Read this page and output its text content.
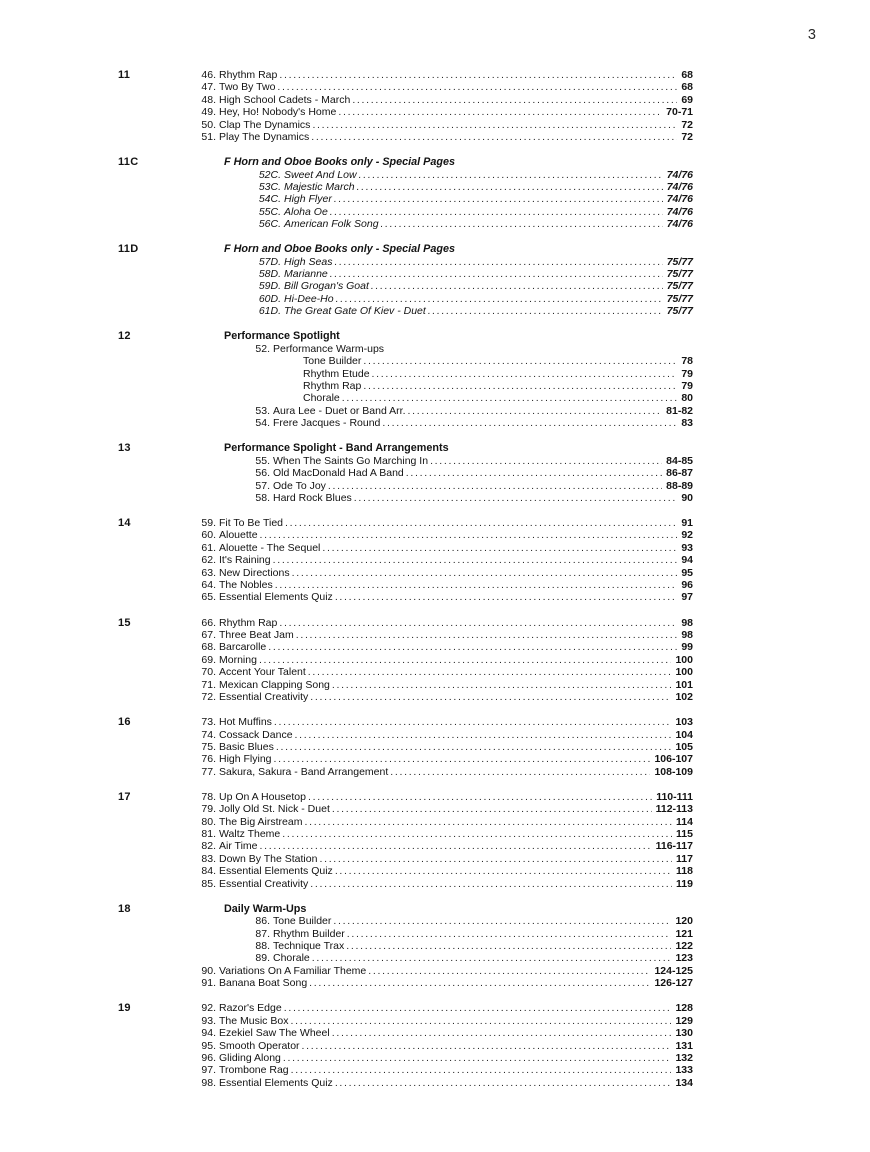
3
11	46. Rhythm Rap .....	68
47. Two By Two .....	68
48. High School Cadets - March .....	69
49. Hey, Ho! Nobody's Home .....	70-71
50. Clap The Dynamics .....	72
51. Play The Dynamics .....	72
11C	F Horn and Oboe Books only - Special Pages
52C. Sweet And Low .....	74/76
53C. Majestic March .....	74/76
54C. High Flyer .....	74/76
55C. Aloha Oe .....	74/76
56C. American Folk Song .....	74/76
11D	F Horn and Oboe Books only - Special Pages
57D. High Seas .....	75/77
58D. Marianne .....	75/77
59D. Bill Grogan's Goat .....	75/77
60D. Hi-Dee-Ho .....	75/77
61D. The Great Gate Of Kiev - Duet .....	75/77
12	Performance Spotlight
52. Performance Warm-ups
Tone Builder .....	78
Rhythm Etude .....	79
Rhythm Rap .....	79
Chorale .....	80
53. Aura Lee - Duet or Band Arr. .....	81-82
54. Frere Jacques - Round .....	83
13	Performance Spolight - Band Arrangements
55. When The Saints Go Marching In .....	84-85
56. Old MacDonald Had A Band .....	86-87
57. Ode To Joy .....	88-89
58. Hard Rock Blues .....	90
14	59. Fit To Be Tied .....	91
60. Alouette .....	92
61. Alouette - The Sequel .....	93
62. It's Raining .....	94
63. New Directions .....	95
64. The Nobles .....	96
65. Essential Elements Quiz .....	97
15	66. Rhythm Rap .....	98
67. Three Beat Jam .....	98
68. Barcarolle .....	99
69. Morning .....	100
70. Accent Your Talent .....	100
71. Mexican Clapping Song .....	101
72. Essential Creativity .....	102
16	73. Hot Muffins .....	103
74. Cossack Dance .....	104
75. Basic Blues .....	105
76. High Flying .....	106-107
77. Sakura, Sakura - Band Arrangement .....	108-109
17	78. Up On A Housetop .....	110-111
79. Jolly Old St. Nick - Duet .....	112-113
80. The Big Airstream .....	114
81. Waltz Theme .....	115
82. Air Time .....	116-117
83. Down By The Station .....	117
84. Essential Elements Quiz .....	118
85. Essential Creativity .....	119
18	Daily Warm-Ups
86. Tone Builder .....	120
87. Rhythm Builder .....	121
88. Technique Trax .....	122
89. Chorale .....	123
90. Variations On A Familiar Theme .....	124-125
91. Banana Boat Song .....	126-127
19	92. Razor's Edge .....	128
93. The Music Box .....	129
94. Ezekiel Saw The Wheel .....	130
95. Smooth Operator .....	131
96. Gliding Along .....	132
97. Trombone Rag .....	133
98. Essential Elements Quiz .....	134
